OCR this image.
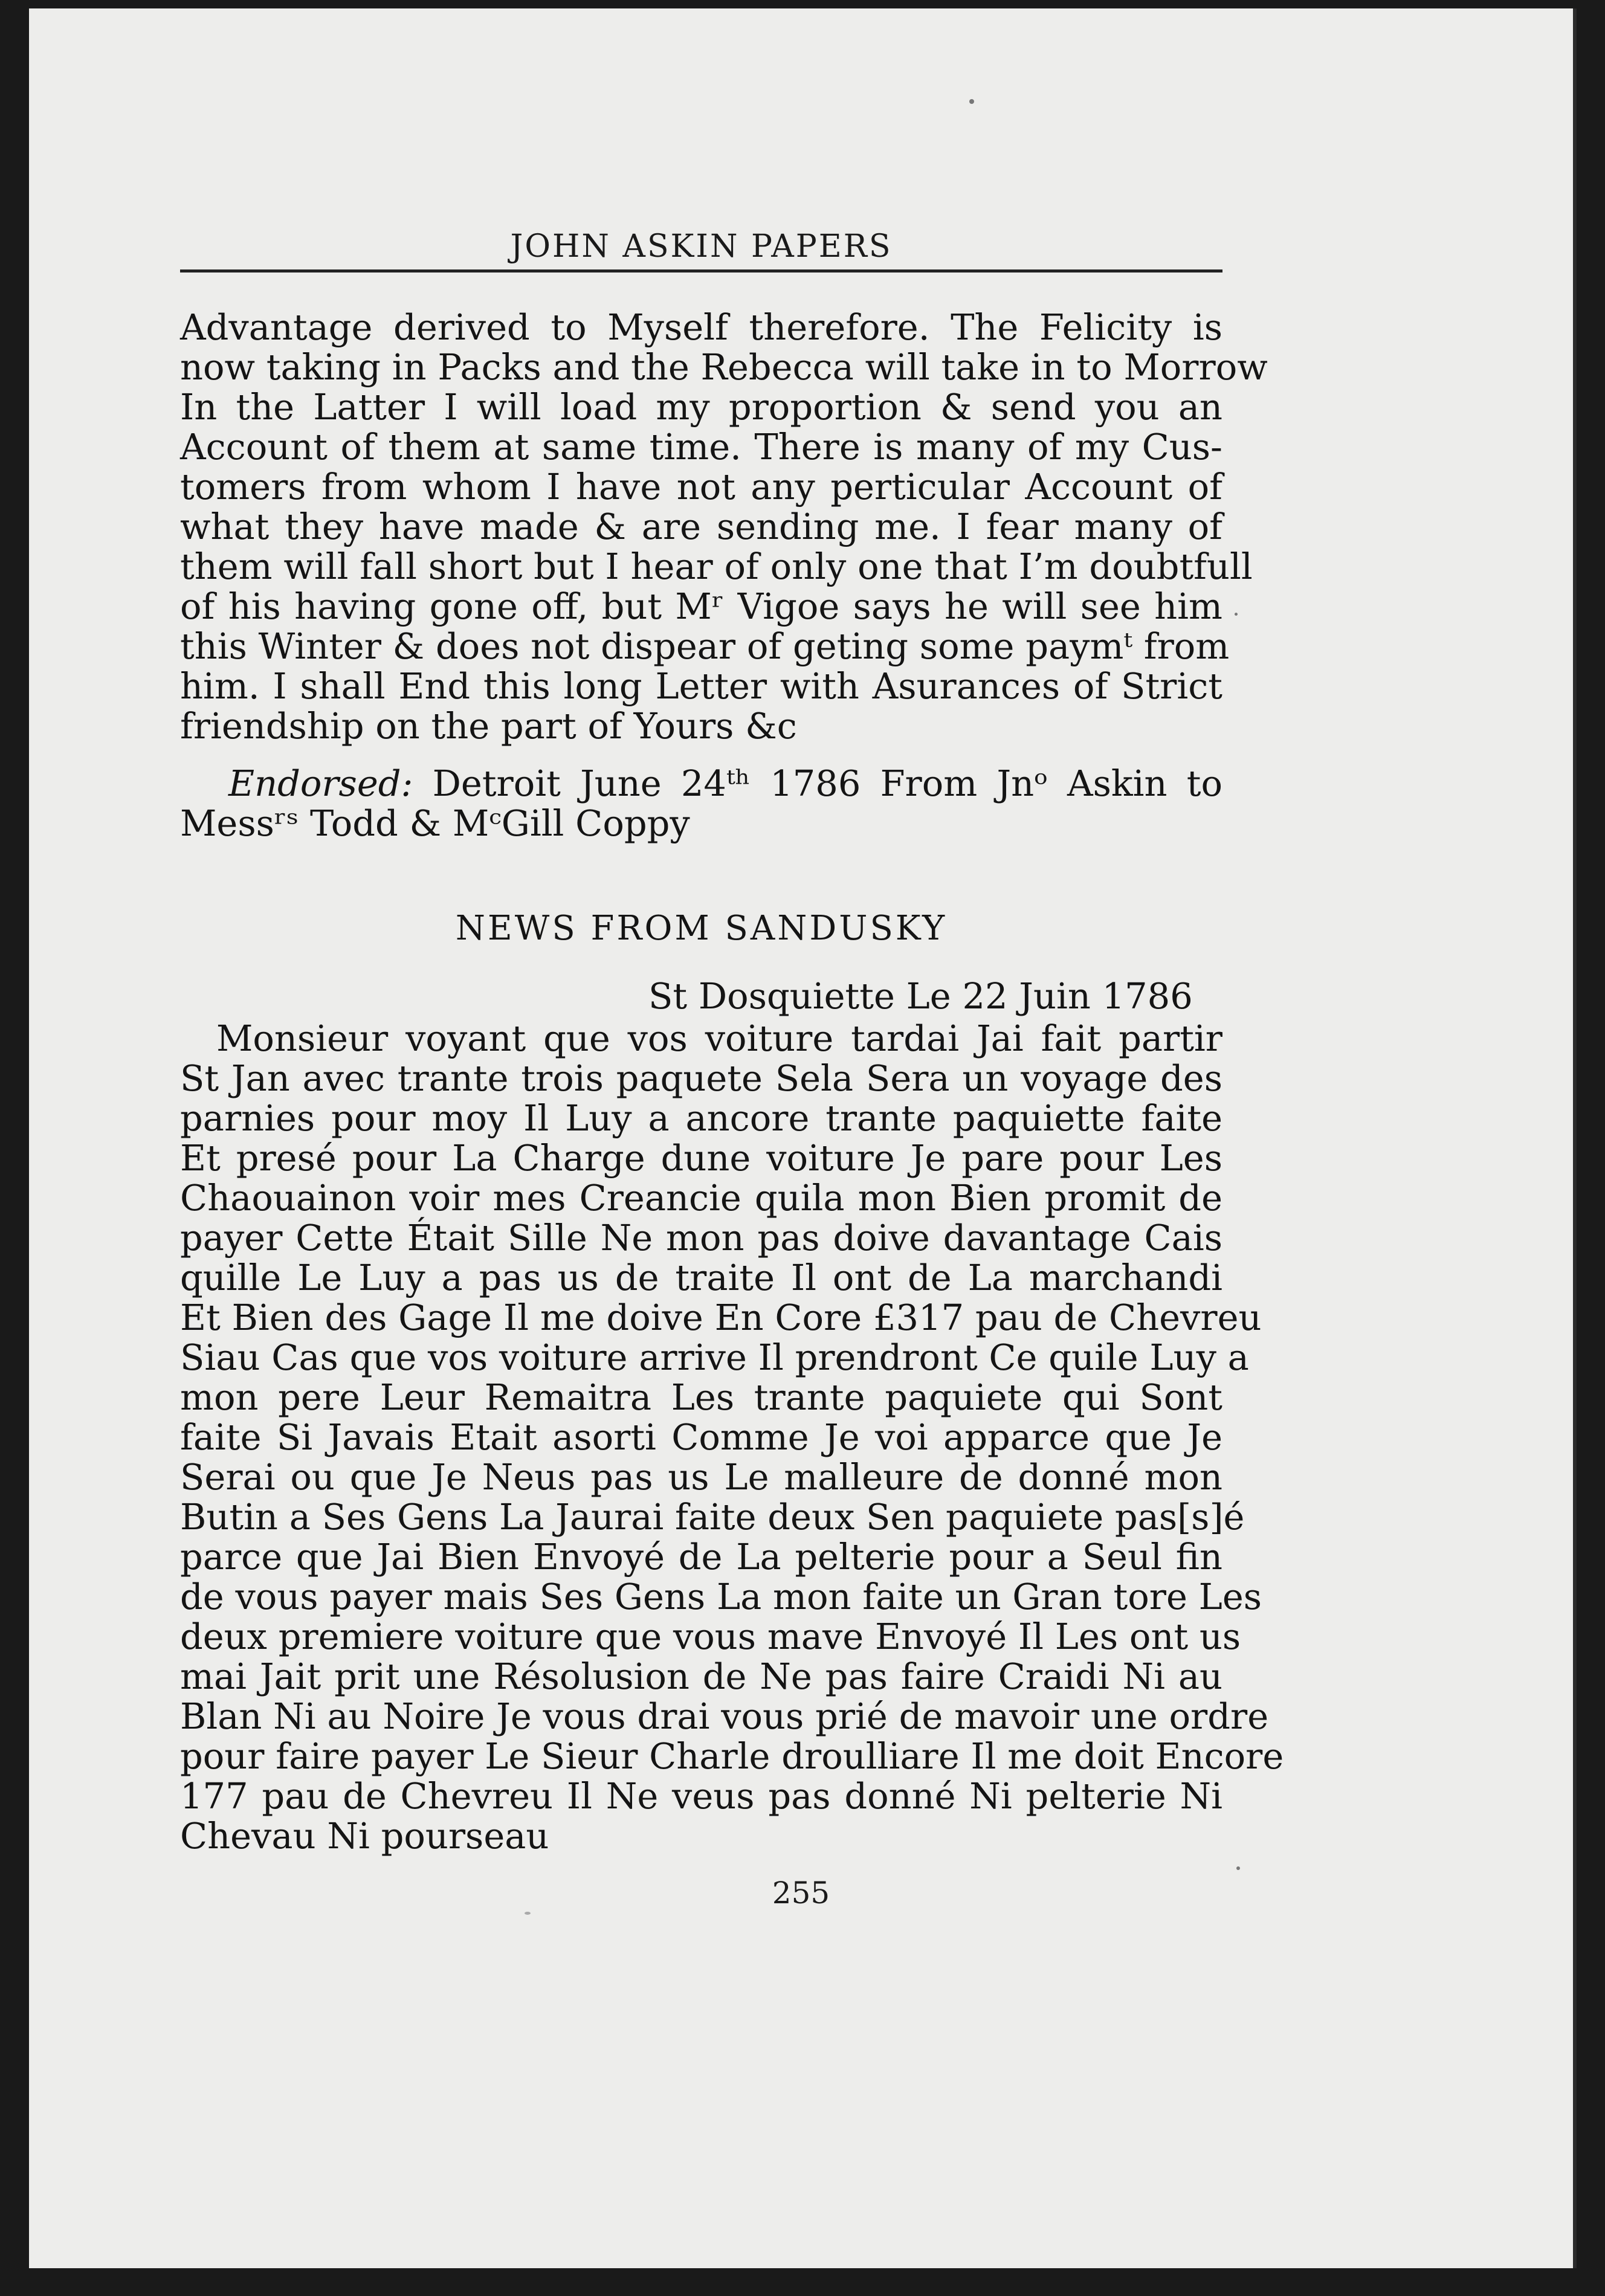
JOHN ASKIN PAPERS
Advantage derived to Myself therefore. The Felicity is
now taking in Packs and the Rebecca will take in to Morrow
In the Latter I will load my proportion & send you an
Account of them at same time. There is many of my Cus-
tomers from whom I have not any perticular Account of
what they have made & are sending me. I fear many of
them will fall short but I hear of only one that I’m doubtfull
of his having gone off, but Mʳ Vigoe says he will see him
this Winter & does not dispear of geting some paymᵗ from
him. I shall End this long Letter with Asurances of Strict
friendship on the part of Yours &c
Endorsed: Detroit June 24ᵗʰ 1786 From Jnᵒ Askin to
Messʳˢ Todd & MᶜGill Coppy
NEWS FROM SANDUSKY
St Dosquiette Le 22 Juin 1786
Monsieur voyant que vos voiture tardai Jai fait partir
St Jan avec trante trois paquete Sela Sera un voyage des
parnies pour moy Il Luy a ancore trante paquiette faite
Et presé pour La Charge dune voiture Je pare pour Les
Chaouainon voir mes Creancie quila mon Bien promit de
payer Cette Était Sille Ne mon pas doive davantage Cais
quille Le Luy a pas us de traite Il ont de La marchandi
Et Bien des Gage Il me doive En Core £317 pau de Chevreu
Siau Cas que vos voiture arrive Il prendront Ce quile Luy a
mon pere Leur Remaitra Les trante paquiete qui Sont
faite Si Javais Etait asorti Comme Je voi apparce que Je
Serai ou que Je Neus pas us Le malleure de donné mon
Butin a Ses Gens La Jaurai faite deux Sen paquiete pas[s]é
parce que Jai Bien Envoyé de La pelterie pour a Seul fin
de vous payer mais Ses Gens La mon faite un Gran tore Les
deux premiere voiture que vous mave Envoyé Il Les ont us
mai Jait prit une Résolusion de Ne pas faire Craidi Ni au
Blan Ni au Noire Je vous drai vous prié de mavoir une ordre
pour faire payer Le Sieur Charle droulliare Il me doit Encore
177 pau de Chevreu Il Ne veus pas donné Ni pelterie Ni
Chevau Ni pourseau
255
